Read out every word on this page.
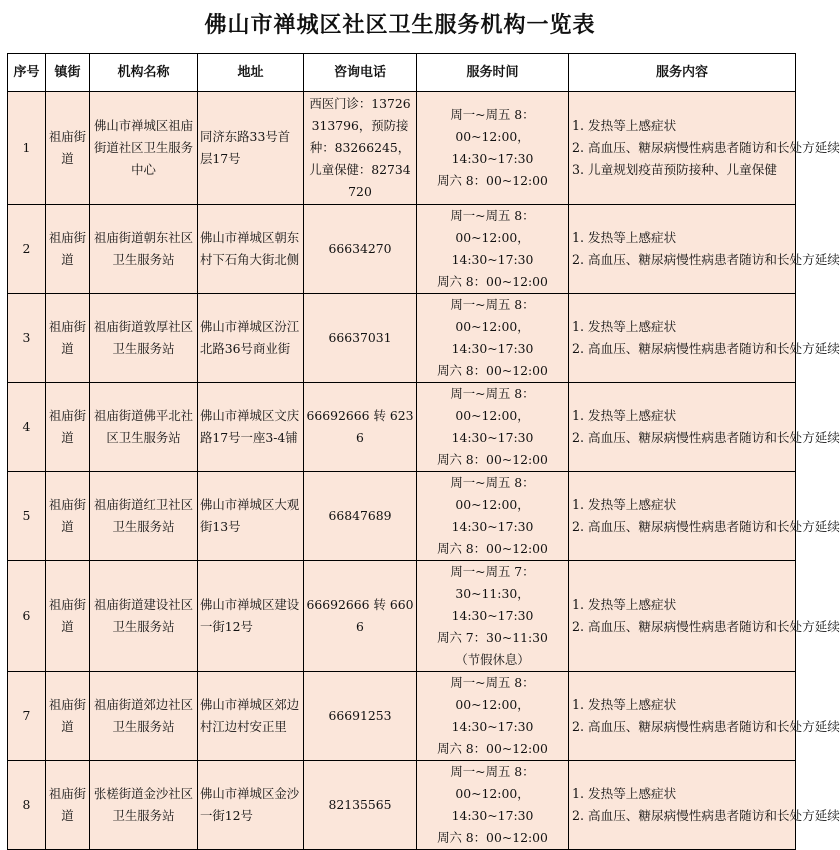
佛山市禅城区社区卫生服务机构一览表
序号	镇街	机构名称	地址	咨询电话	服务时间	服务内容
1	祖庙街道	佛山市禅城区祖庙街道社区卫生服务中心	同济东路33号首层17号	西医门诊：13726313796，预防接种：83266245，儿童保健：82734720	周一~周五 8：
00~12:00，14:30~17:30
周六 8：00~12:00	1. 发热等上感症状
2. 高血压、糖尿病慢性病患者随访和长处方延续
3. 儿童规划疫苗预防接种、儿童保健

2	祖庙街道	祖庙街道朝东社区卫生服务站	佛山市禅城区朝东村下石角大街北侧	66634270	周一~周五 8：
00~12:00，14:30~17:30
周六 8：00~12:00	1. 发热等上感症状
2. 高血压、糖尿病慢性病患者随访和长处方延续

3	祖庙街道	祖庙街道敦厚社区卫生服务站	佛山市禅城区汾江北路36号商业街	66637031	周一~周五 8：
00~12:00，14:30~17:30
周六 8：00~12:00	1. 发热等上感症状
2. 高血压、糖尿病慢性病患者随访和长处方延续

4	祖庙街道	祖庙街道佛平北社区卫生服务站	佛山市禅城区文庆路17号一座3-4铺	66692666 转 6236	周一~周五 8：
00~12:00，14:30~17:30
周六 8：00~12:00	1. 发热等上感症状
2. 高血压、糖尿病慢性病患者随访和长处方延续

5	祖庙街道	祖庙街道红卫社区卫生服务站	佛山市禅城区大观街13号	66847689	周一~周五 8：
00~12:00，14:30~17:30
周六 8：00~12:00	1. 发热等上感症状
2. 高血压、糖尿病慢性病患者随访和长处方延续

6	祖庙街道	祖庙街道建设社区卫生服务站	佛山市禅城区建设一街12号	66692666 转 6606	周一~周五 7：
30~11:30，14:30~17:30
周六 7：30~11:30
（节假休息）	1. 发热等上感症状
2. 高血压、糖尿病慢性病患者随访和长处方延续

7	祖庙街道	祖庙街道郊边社区卫生服务站	佛山市禅城区郊边村江边村安正里	66691253	周一~周五 8：
00~12:00，14:30~17:30
周六 8：00~12:00	1. 发热等上感症状
2. 高血压、糖尿病慢性病患者随访和长处方延续

8	祖庙街道	张槎街道金沙社区卫生服务站	佛山市禅城区金沙一街12号	82135565	周一~周五 8：
00~12:00，14:30~17:30
周六 8：00~12:00	1. 发热等上感症状
2. 高血压、糖尿病慢性病患者随访和长处方延续
